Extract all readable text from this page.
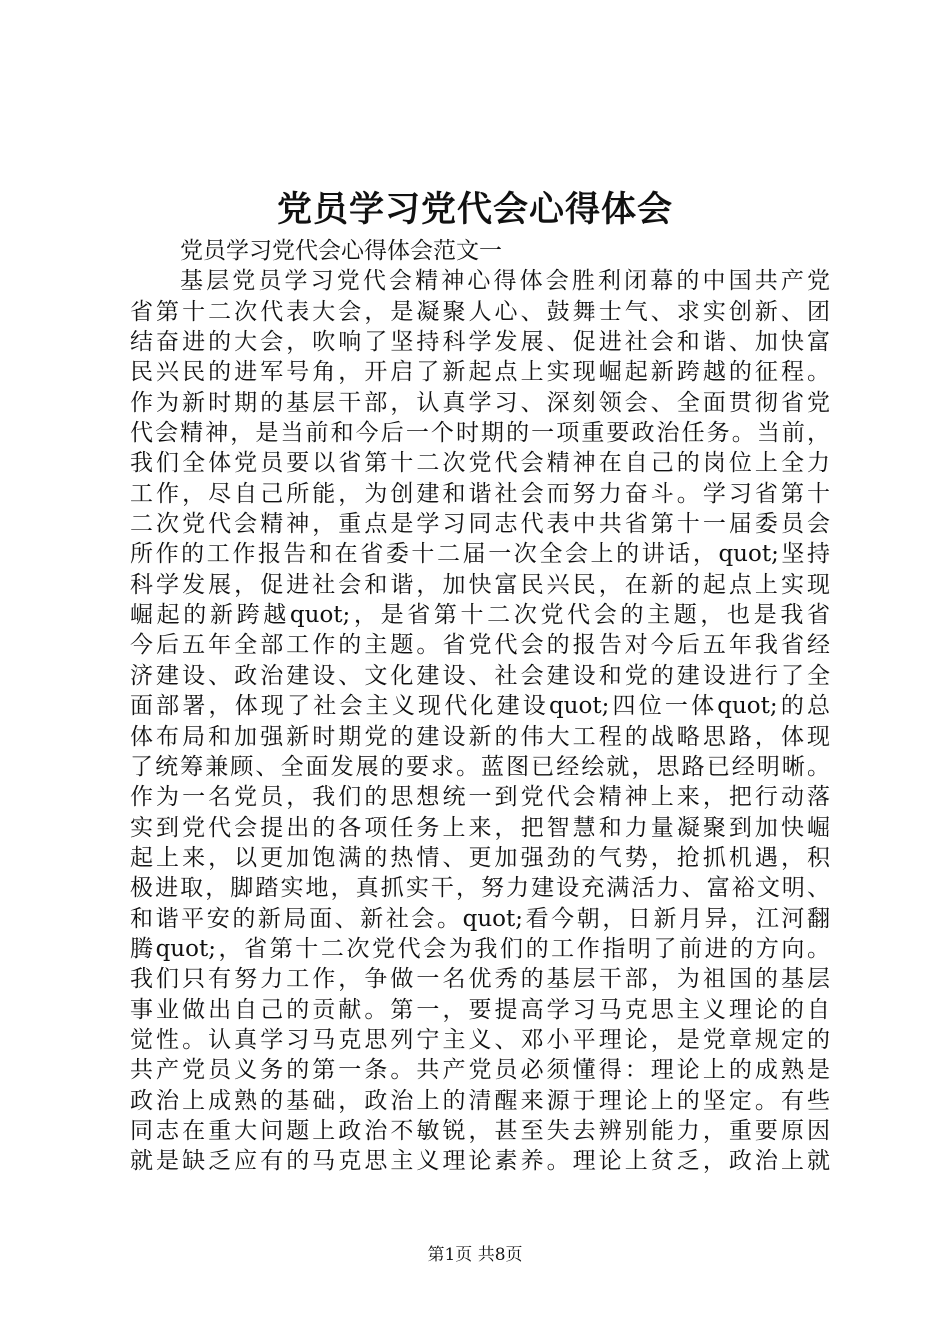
党员学习党代会心得体会
党员学习党代会心得体会范文一
基层党员学习党代会精神心得体会胜利闭幕的中国共产党
省第十二次代表大会，是凝聚人心、鼓舞士气、求实创新、团
结奋进的大会，吹响了坚持科学发展、促进社会和谐、加快富
民兴民的进军号角，开启了新起点上实现崛起新跨越的征程。
作为新时期的基层干部，认真学习、深刻领会、全面贯彻省党
代会精神，是当前和今后一个时期的一项重要政治任务。当前，
我们全体党员要以省第十二次党代会精神在自己的岗位上全力
工作，尽自己所能，为创建和谐社会而努力奋斗。学习省第十
二次党代会精神，重点是学习同志代表中共省第十一届委员会
所作的工作报告和在省委十二届一次全会上的讲话，quot;坚持
科学发展，促进社会和谐，加快富民兴民，在新的起点上实现
崛起的新跨越quot;，是省第十二次党代会的主题，也是我省
今后五年全部工作的主题。省党代会的报告对今后五年我省经
济建设、政治建设、文化建设、社会建设和党的建设进行了全
面部署，体现了社会主义现代化建设quot;四位一体quot;的总
体布局和加强新时期党的建设新的伟大工程的战略思路，体现
了统筹兼顾、全面发展的要求。蓝图已经绘就，思路已经明晰。
作为一名党员，我们的思想统一到党代会精神上来，把行动落
实到党代会提出的各项任务上来，把智慧和力量凝聚到加快崛
起上来，以更加饱满的热情、更加强劲的气势，抢抓机遇，积
极进取，脚踏实地，真抓实干，努力建设充满活力、富裕文明、
和谐平安的新局面、新社会。quot;看今朝，日新月异，江河翻
腾quot;，省第十二次党代会为我们的工作指明了前进的方向。
我们只有努力工作，争做一名优秀的基层干部，为祖国的基层
事业做出自己的贡献。第一，要提高学习马克思主义理论的自
觉性。认真学习马克思列宁主义、邓小平理论，是党章规定的
共产党员义务的第一条。共产党员必须懂得：理论上的成熟是
政治上成熟的基础，政治上的清醒来源于理论上的坚定。有些
同志在重大问题上政治不敏锐，甚至失去辨别能力，重要原因
就是缺乏应有的马克思主义理论素养。理论上贫乏，政治上就
第1页 共8页
